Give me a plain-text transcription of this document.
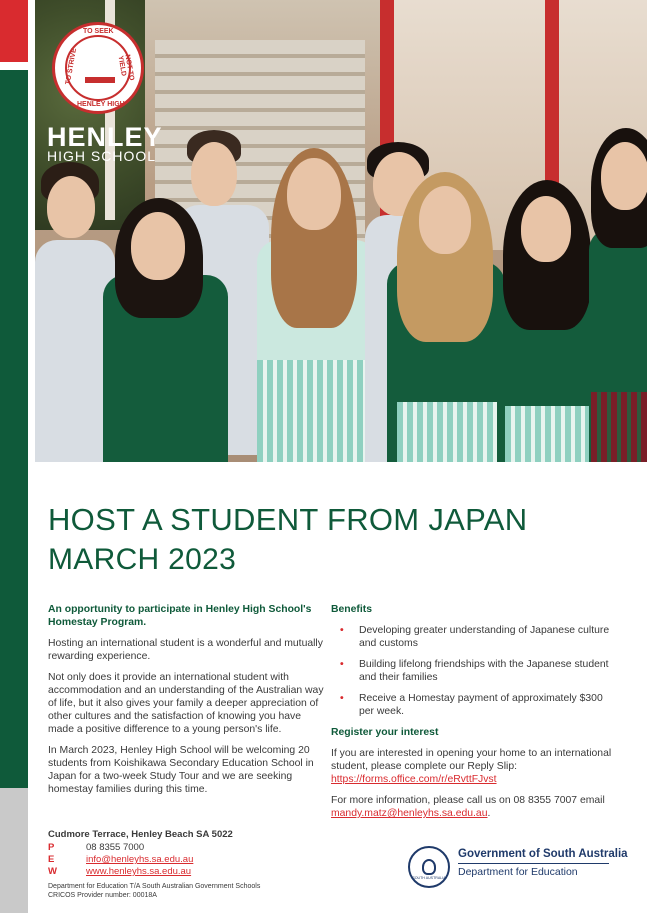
TO SEEK
TO STRIVE	NOT TO YIELD
HENLEY HIGH
HENLEY
HIGH SCHOOL
HOST A STUDENT FROM JAPAN
MARCH 2023
An opportunity to participate in Henley High School's Homestay Program.

Hosting an international student is a wonderful and mutually rewarding experience.

Not only does it provide an international student with accommodation and an understanding of the Australian way of life, but it also gives your family a deeper appreciation of other cultures and the satisfaction of knowing you have made a positive difference to a young person's life.

In March 2023, Henley High School will be welcoming 20 students from Koishikawa Secondary Education School in Japan for a two-week Study Tour and we are seeking homestay families during this time.

Benefits
• Developing greater understanding of Japanese culture and customs
• Building lifelong friendships with the Japanese student and their families
• Receive a Homestay payment of approximately $300 per week.
Register your interest

If you are interested in opening your home to an international student, please complete our Reply Slip:
https://forms.office.com/r/eRvttFJvst

For more information, please call us on 08 8355 7007 email mandy.matz@henleyhs.sa.edu.au.

Cudmore Terrace, Henley Beach SA 5022
P	08 8355 7000
E	info@henleyhs.sa.edu.au
W	www.henleyhs.sa.edu.au
Department for Education T/A South Australian Government Schools
CRICOS Provider number: 00018A
SOUTH AUSTRALIA
Government of South Australia
Department for Education
